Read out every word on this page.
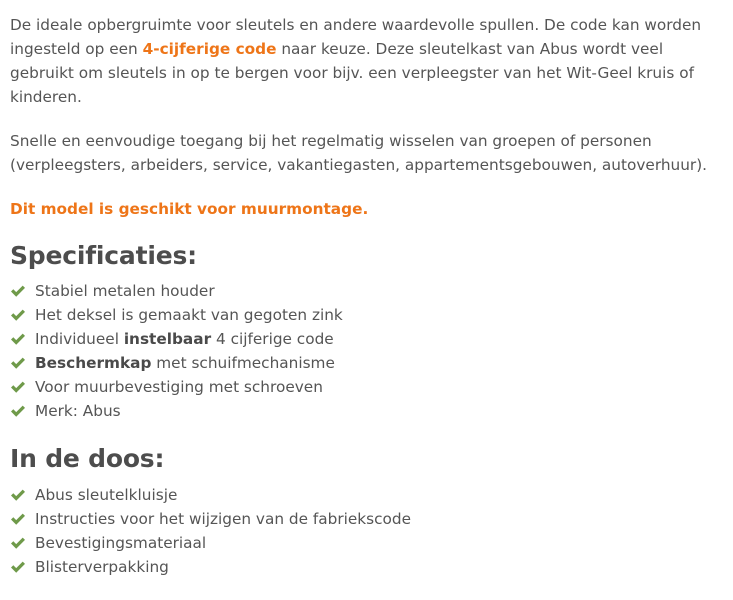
De ideale opbergruimte voor sleutels en andere waardevolle spullen. De code kan worden ingesteld op een 4-cijferige code naar keuze. Deze sleutelkast van Abus wordt veel gebruikt om sleutels in op te bergen voor bijv. een verpleegster van het Wit-Geel kruis of kinderen.

Snelle en eenvoudige toegang bij het regelmatig wisselen van groepen of personen (verpleegsters, arbeiders, service, vakantiegasten, appartementsgebouwen, autoverhuur).

Dit model is geschikt voor muurmontage.

Specificaties:
Stabiel metalen houder
Het deksel is gemaakt van gegoten zink
Individueel instelbaar 4 cijferige code
Beschermkap met schuifmechanisme
Voor muurbevestiging met schroeven
Merk: Abus
In de doos:
Abus sleutelkluisje
Instructies voor het wijzigen van de fabriekscode
Bevestigingsmateriaal
Blisterverpakking
